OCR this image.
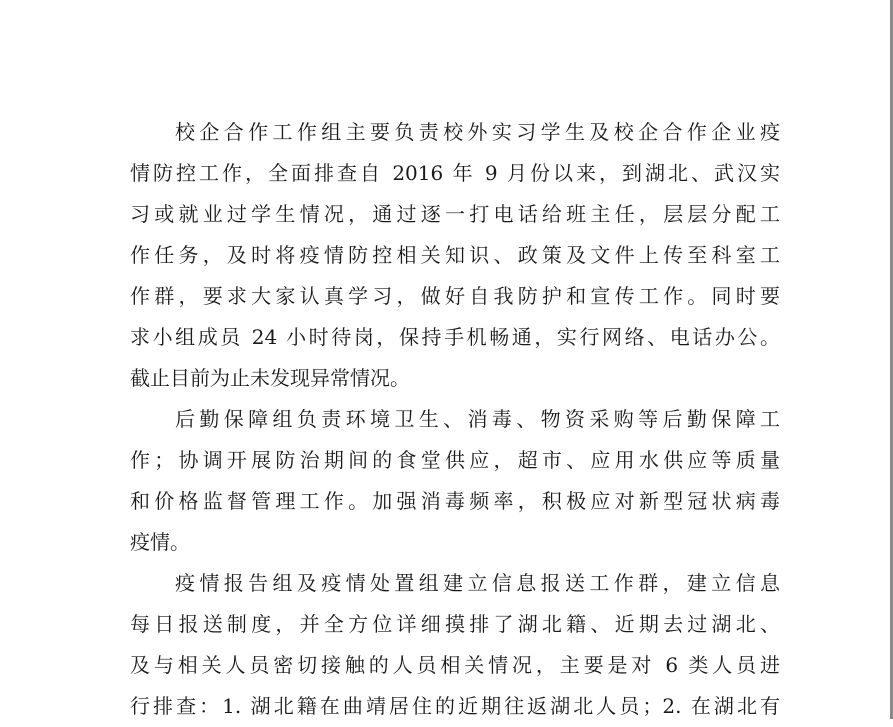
校企合作工作组主要负责校外实习学生及校企合作企业疫
情防控工作，全面排查自 2016 年 9 月份以来，到湖北、武汉实
习或就业过学生情况，通过逐一打电话给班主任，层层分配工
作任务，及时将疫情防控相关知识、政策及文件上传至科室工
作群，要求大家认真学习，做好自我防护和宣传工作。同时要
求小组成员 24 小时待岗，保持手机畅通，实行网络、电话办公。
截止目前为止未发现异常情况。
后勤保障组负责环境卫生、消毒、物资采购等后勤保障工
作；协调开展防治期间的食堂供应，超市、应用水供应等质量
和价格监督管理工作。加强消毒频率，积极应对新型冠状病毒
疫情。
疫情报告组及疫情处置组建立信息报送工作群，建立信息
每日报送制度，并全方位详细摸排了湖北籍、近期去过湖北、
及与相关人员密切接触的人员相关情况，主要是对 6 类人员进
行排查：1. 湖北籍在曲靖居住的近期往返湖北人员；2. 在湖北有
